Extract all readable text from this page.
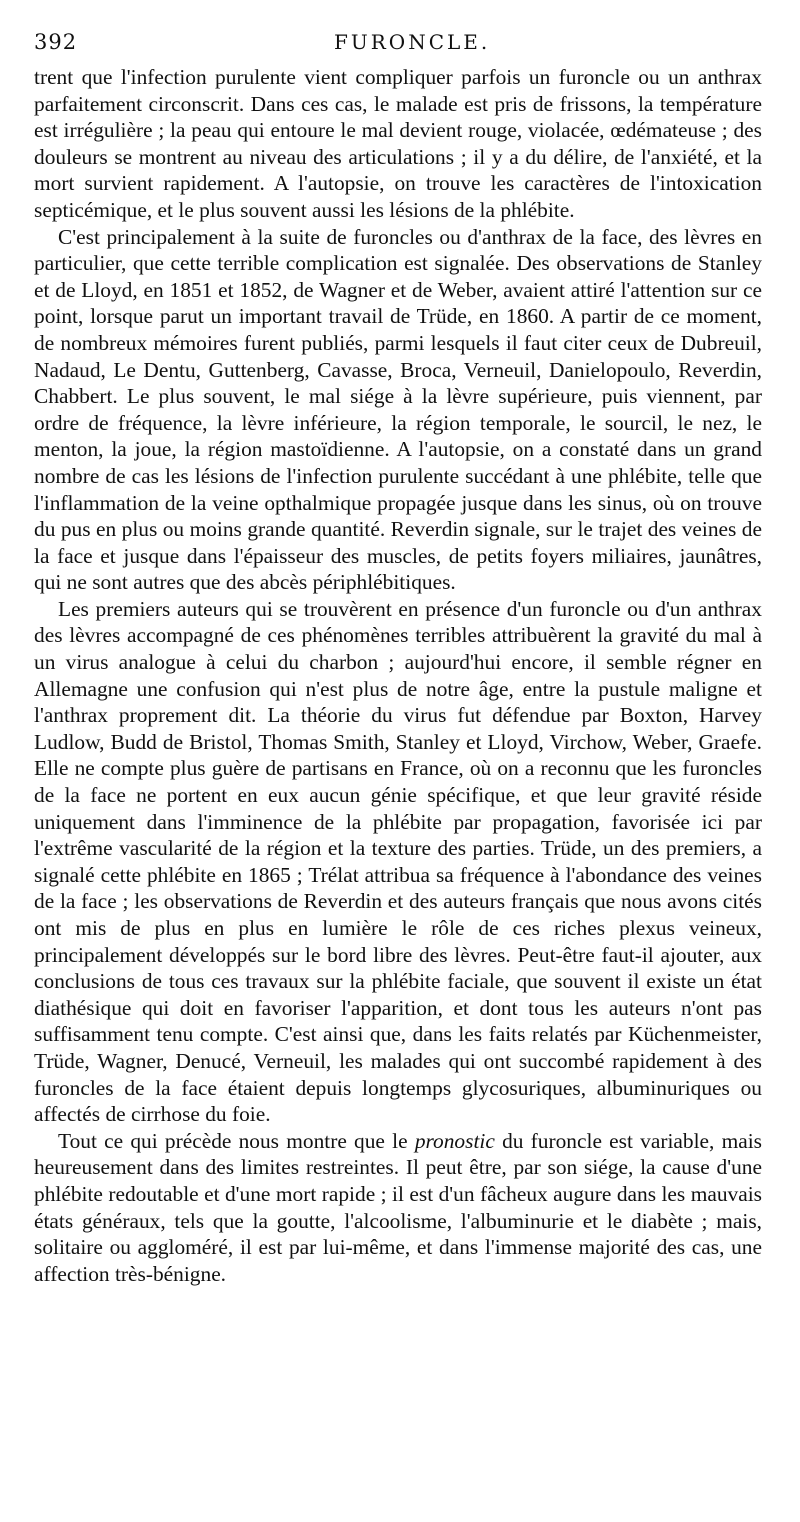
392	FURONCLE.

trent que l'infection purulente vient compliquer parfois un furoncle ou un anthrax parfaitement circonscrit. Dans ces cas, le malade est pris de frissons, la température est irrégulière ; la peau qui entoure le mal devient rouge, violacée, œdémateuse ; des douleurs se montrent au niveau des articulations ; il y a du délire, de l'anxiété, et la mort survient rapidement. A l'autopsie, on trouve les caractères de l'intoxication septicémique, et le plus souvent aussi les lésions de la phlébite.

C'est principalement à la suite de furoncles ou d'anthrax de la face, des lèvres en particulier, que cette terrible complication est signalée. Des observations de Stanley et de Lloyd, en 1851 et 1852, de Wagner et de Weber, avaient attiré l'attention sur ce point, lorsque parut un important travail de Trüde, en 1860. A partir de ce moment, de nombreux mémoires furent publiés, parmi lesquels il faut citer ceux de Dubreuil, Nadaud, Le Dentu, Guttenberg, Cavasse, Broca, Verneuil, Danielopoulo, Reverdin, Chabbert. Le plus souvent, le mal siége à la lèvre supérieure, puis viennent, par ordre de fréquence, la lèvre inférieure, la région temporale, le sourcil, le nez, le menton, la joue, la région mastoïdienne. A l'autopsie, on a constaté dans un grand nombre de cas les lésions de l'infection purulente succédant à une phlébite, telle que l'inflammation de la veine opthalmique propagée jusque dans les sinus, où on trouve du pus en plus ou moins grande quantité. Reverdin signale, sur le trajet des veines de la face et jusque dans l'épaisseur des muscles, de petits foyers miliaires, jaunâtres, qui ne sont autres que des abcès périphlébitiques.

Les premiers auteurs qui se trouvèrent en présence d'un furoncle ou d'un anthrax des lèvres accompagné de ces phénomènes terribles attribuèrent la gravité du mal à un virus analogue à celui du charbon ; aujourd'hui encore, il semble régner en Allemagne une confusion qui n'est plus de notre âge, entre la pustule maligne et l'anthrax proprement dit. La théorie du virus fut défendue par Boxton, Harvey Ludlow, Budd de Bristol, Thomas Smith, Stanley et Lloyd, Virchow, Weber, Graefe. Elle ne compte plus guère de partisans en France, où on a reconnu que les furoncles de la face ne portent en eux aucun génie spécifique, et que leur gravité réside uniquement dans l'imminence de la phlébite par propagation, favorisée ici par l'extrême vascularité de la région et la texture des parties. Trüde, un des premiers, a signalé cette phlébite en 1865 ; Trélat attribua sa fréquence à l'abondance des veines de la face ; les observations de Reverdin et des auteurs français que nous avons cités ont mis de plus en plus en lumière le rôle de ces riches plexus veineux, principalement développés sur le bord libre des lèvres. Peut-être faut-il ajouter, aux conclusions de tous ces travaux sur la phlébite faciale, que souvent il existe un état diathésique qui doit en favoriser l'apparition, et dont tous les auteurs n'ont pas suffisamment tenu compte. C'est ainsi que, dans les faits relatés par Küchenmeister, Trüde, Wagner, Denucé, Verneuil, les malades qui ont succombé rapidement à des furoncles de la face étaient depuis longtemps glycosuriques, albuminuriques ou affectés de cirrhose du foie.

Tout ce qui précède nous montre que le pronostic du furoncle est variable, mais heureusement dans des limites restreintes. Il peut être, par son siége, la cause d'une phlébite redoutable et d'une mort rapide ; il est d'un fâcheux augure dans les mauvais états généraux, tels que la goutte, l'alcoolisme, l'albuminurie et le diabète ; mais, solitaire ou aggloméré, il est par lui-même, et dans l'immense majorité des cas, une affection très-bénigne.
